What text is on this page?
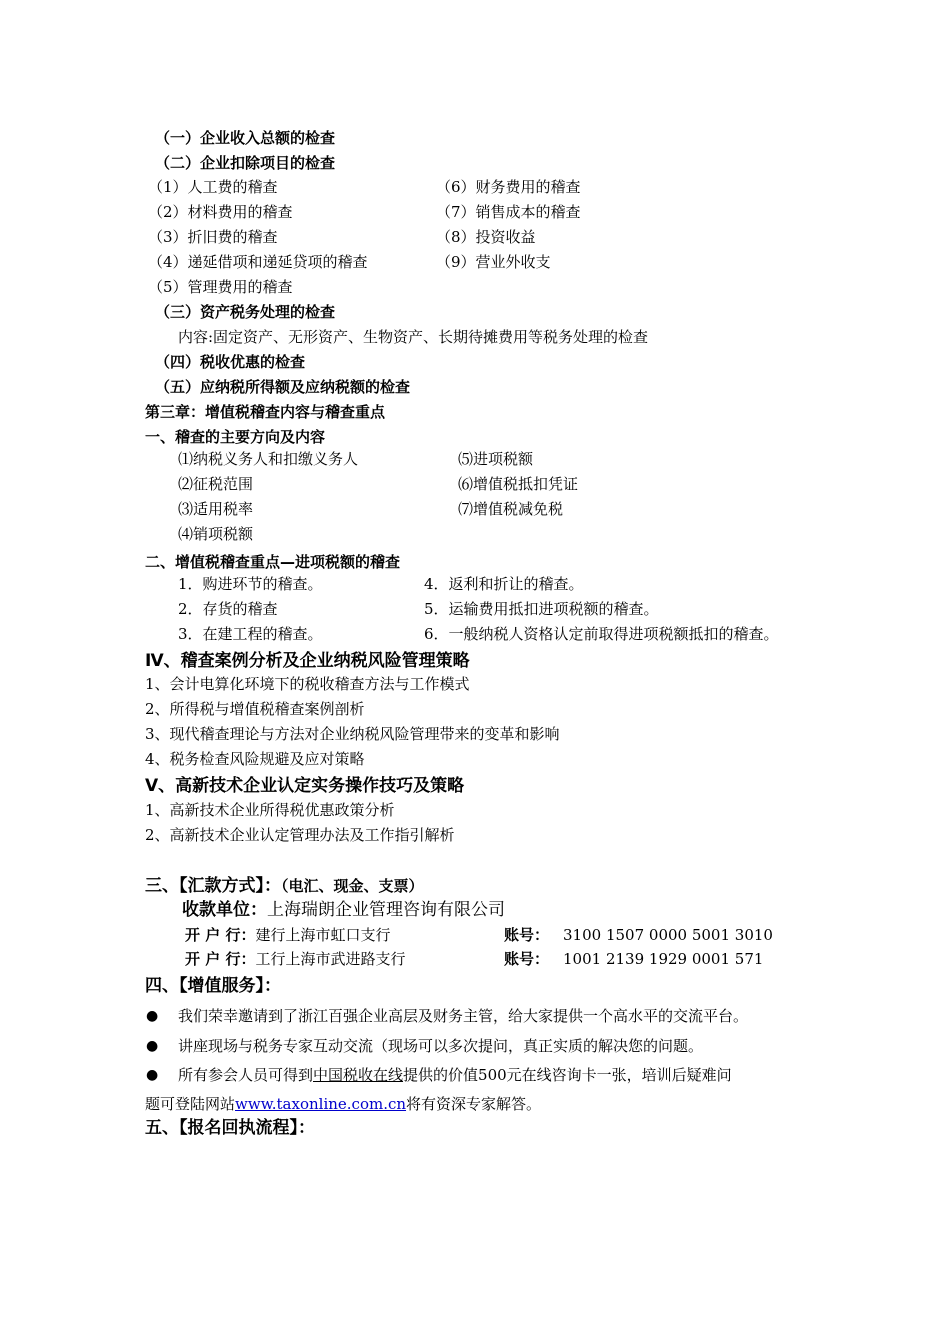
（一）企业收入总额的检查
（二）企业扣除项目的检查
（1）人工费的稽查
（2）材料费用的稽查
（3）折旧费的稽查
（4）递延借项和递延贷项的稽查
（5）管理费用的稽查
（6）财务费用的稽查
（7）销售成本的稽查
（8）投资收益
（9）营业外收支
（三）资产税务处理的检查
内容:固定资产、无形资产、生物资产、长期待摊费用等税务处理的检查
（四）税收优惠的检查
（五）应纳税所得额及应纳税额的检查
第三章：增值税稽查内容与稽查重点
一、稽查的主要方向及内容
⑴纳税义务人和扣缴义务人
⑵征税范围
⑶适用税率
⑷销项税额
⑸进项税额
⑹增值税抵扣凭证
⑺增值税减免税
二、增值税稽查重点—进项税额的稽查
1．购进环节的稽查。
2．存货的稽查
3．在建工程的稽查。
4．返利和折让的稽查。
5．运输费用抵扣进项税额的稽查。
6．一般纳税人资格认定前取得进项税额抵扣的稽查。
Ⅳ、稽查案例分析及企业纳税风险管理策略
1、会计电算化环境下的税收稽查方法与工作模式
2、所得税与增值税稽查案例剖析
3、现代稽查理论与方法对企业纳税风险管理带来的变革和影响
4、税务检查风险规避及应对策略
Ⅴ、高新技术企业认定实务操作技巧及策略
1、高新技术企业所得税优惠政策分析
2、高新技术企业认定管理办法及工作指引解析
三、【汇款方式】：（电汇、现金、支票）
收款单位：上海瑞朗企业管理咨询有限公司
开 户 行：建行上海市虹口支行	账号： 3100 1507 0000 5001 3010
开 户 行：工行上海市武进路支行	账号： 1001 2139 1929 0001 571
四、【增值服务】：
● 我们荣幸邀请到了浙江百强企业高层及财务主管，给大家提供一个高水平的交流平台。
● 讲座现场与税务专家互动交流（现场可以多次提问，真正实质的解决您的问题。
● 所有参会人员可得到中国税收在线提供的价值500元在线咨询卡一张，培训后疑难问
题可登陆网站www.taxonline.com.cn将有资深专家解答。
五、【报名回执流程】：
